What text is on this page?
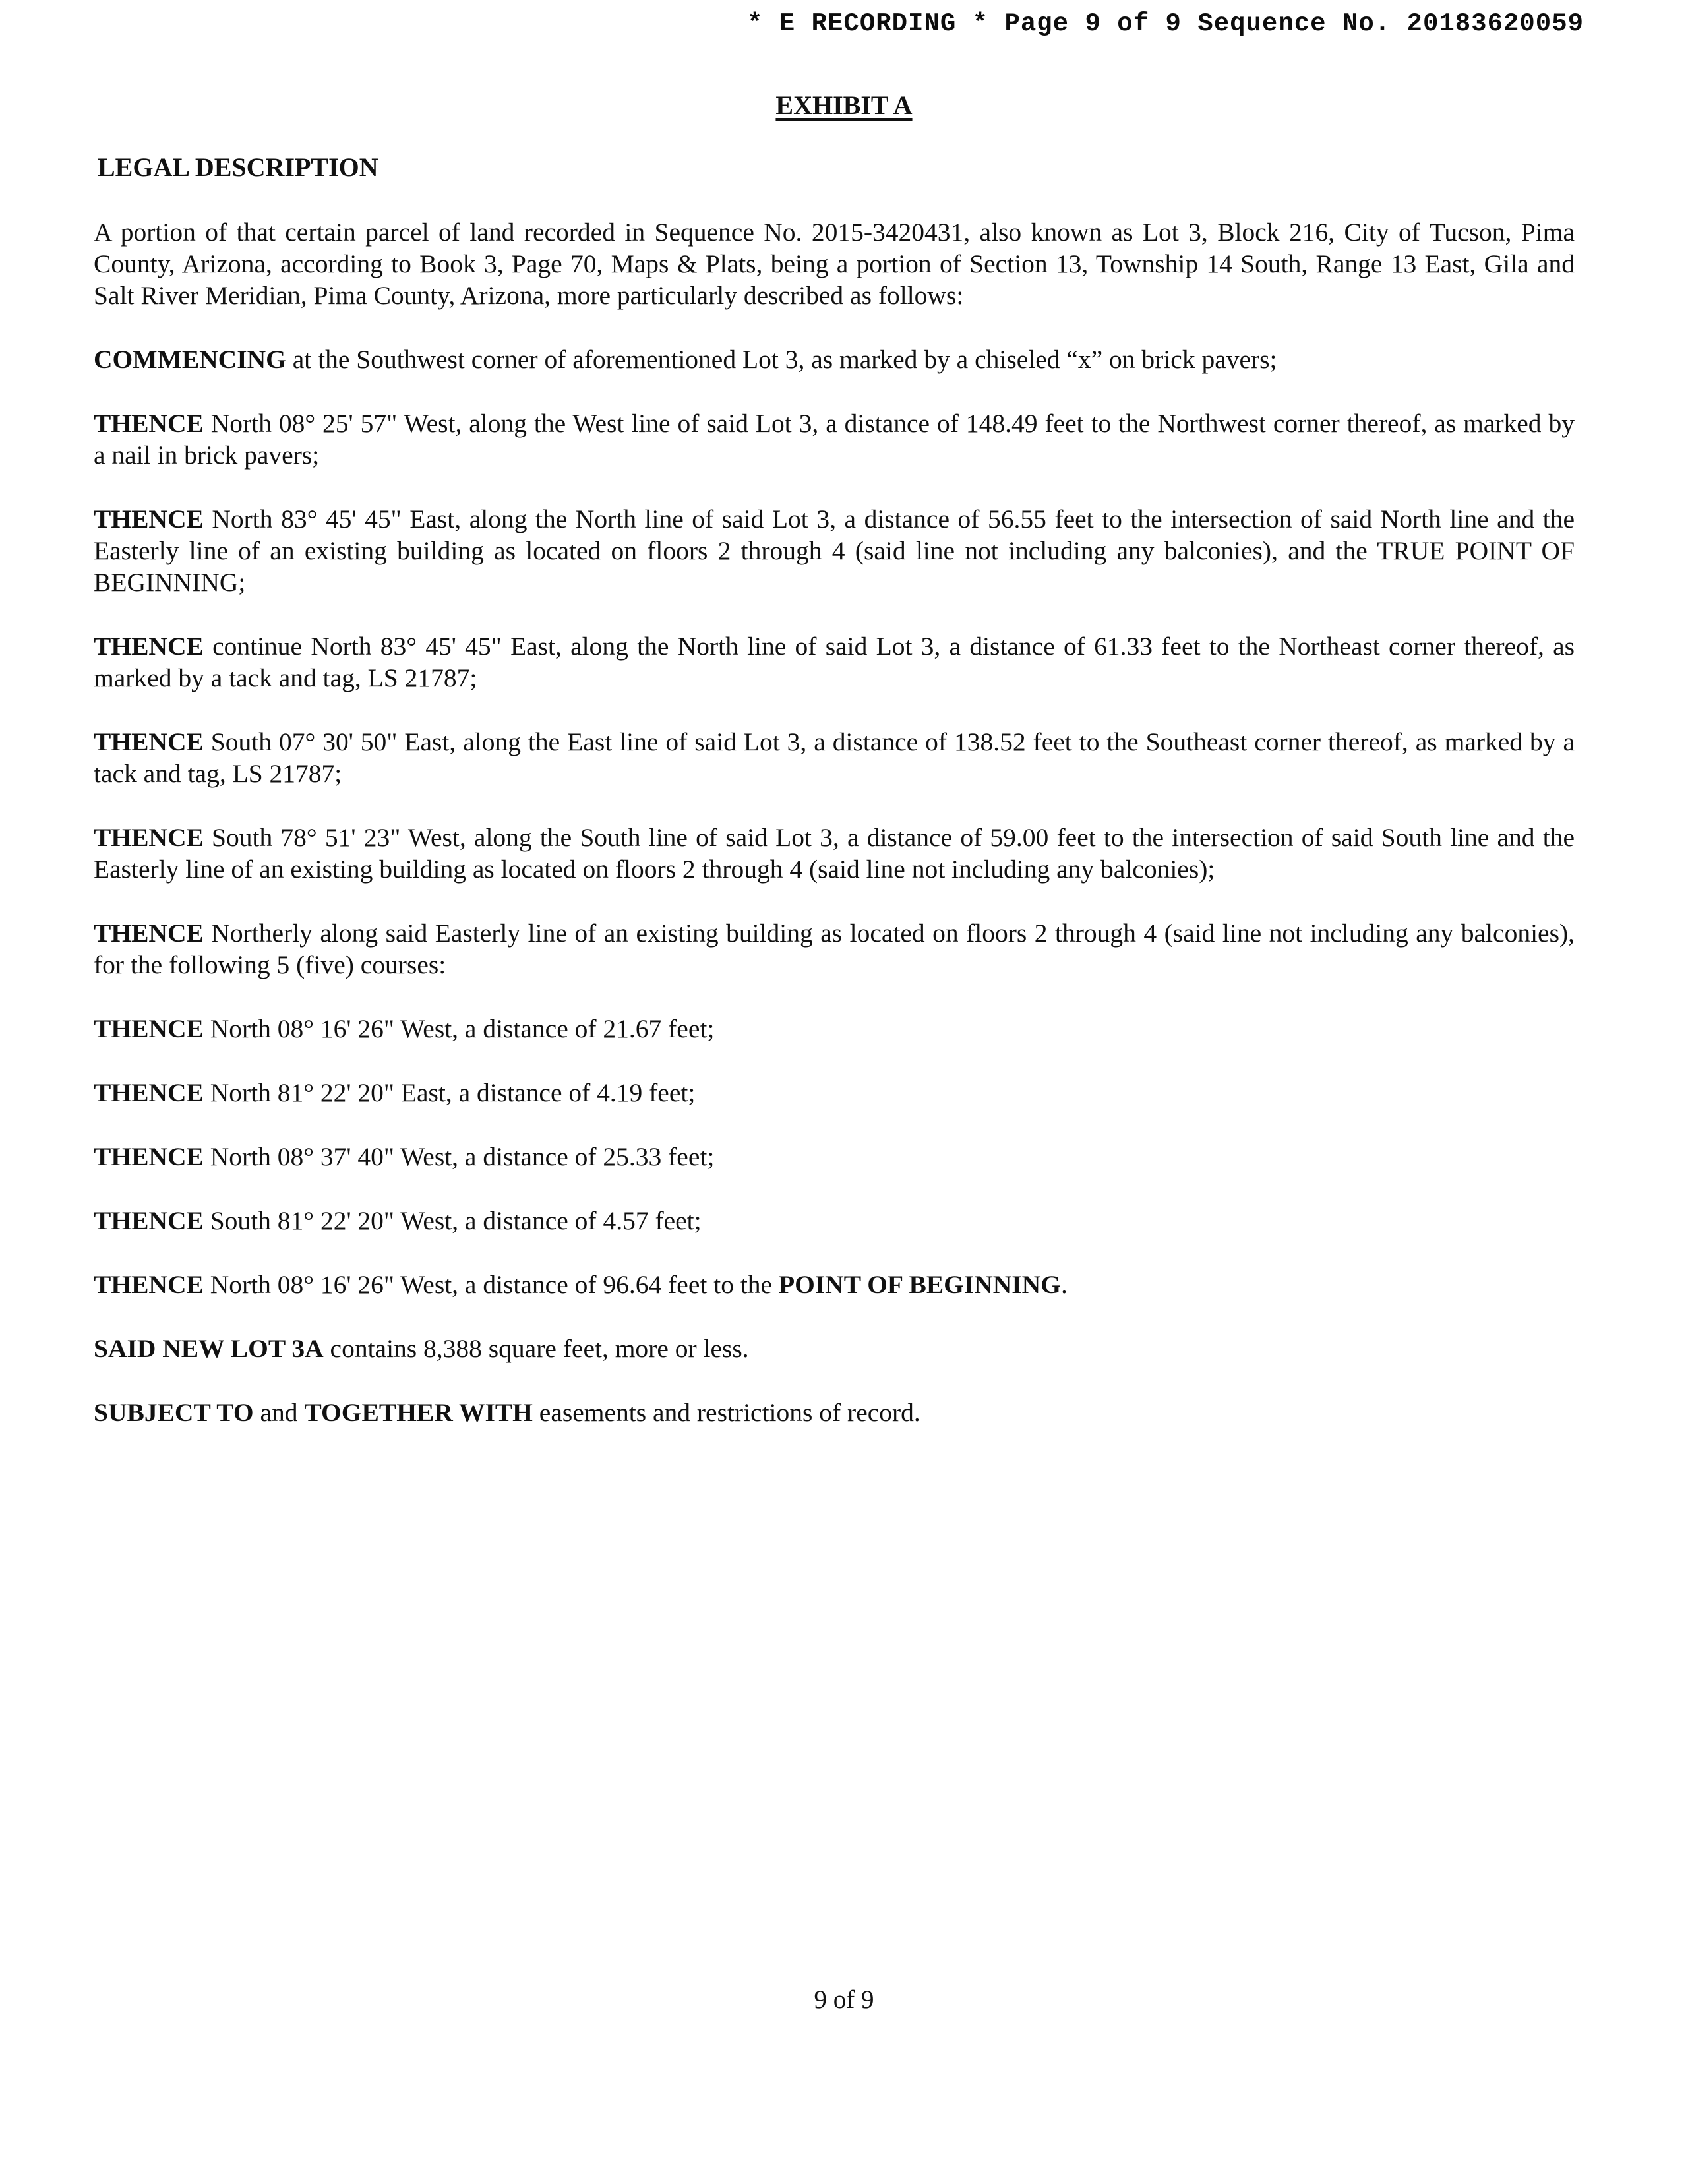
* E RECORDING * Page 9 of 9 Sequence No. 20183620059
EXHIBIT A
LEGAL DESCRIPTION

A portion of that certain parcel of land recorded in Sequence No. 2015-3420431, also known as Lot 3, Block 216, City of Tucson, Pima County, Arizona, according to Book 3, Page 70, Maps & Plats, being a portion of Section 13, Township 14 South, Range 13 East, Gila and Salt River Meridian, Pima County, Arizona, more particularly described as follows:

COMMENCING at the Southwest corner of aforementioned Lot 3, as marked by a chiseled “x” on brick pavers;

THENCE North 08° 25' 57" West, along the West line of said Lot 3, a distance of 148.49 feet to the Northwest corner thereof, as marked by a nail in brick pavers;

THENCE North 83° 45' 45" East, along the North line of said Lot 3, a distance of 56.55 feet to the intersection of said North line and the Easterly line of an existing building as located on floors 2 through 4 (said line not including any balconies), and the TRUE POINT OF BEGINNING;

THENCE continue North 83° 45' 45" East, along the North line of said Lot 3, a distance of 61.33 feet to the Northeast corner thereof, as marked by a tack and tag, LS 21787;

THENCE South 07° 30' 50" East, along the East line of said Lot 3, a distance of 138.52 feet to the Southeast corner thereof, as marked by a tack and tag, LS 21787;

THENCE South 78° 51' 23" West, along the South line of said Lot 3, a distance of 59.00 feet to the intersection of said South line and the Easterly line of an existing building as located on floors 2 through 4 (said line not including any balconies);

THENCE Northerly along said Easterly line of an existing building as located on floors 2 through 4 (said line not including any balconies), for the following 5 (five) courses:

THENCE North 08° 16' 26" West, a distance of 21.67 feet;

THENCE North 81° 22' 20" East, a distance of 4.19 feet;

THENCE North 08° 37' 40" West, a distance of 25.33 feet;

THENCE South 81° 22' 20" West, a distance of 4.57 feet;

THENCE North 08° 16' 26" West, a distance of 96.64 feet to the POINT OF BEGINNING.

SAID NEW LOT 3A contains 8,388 square feet, more or less.

SUBJECT TO and TOGETHER WITH easements and restrictions of record.

9 of 9
